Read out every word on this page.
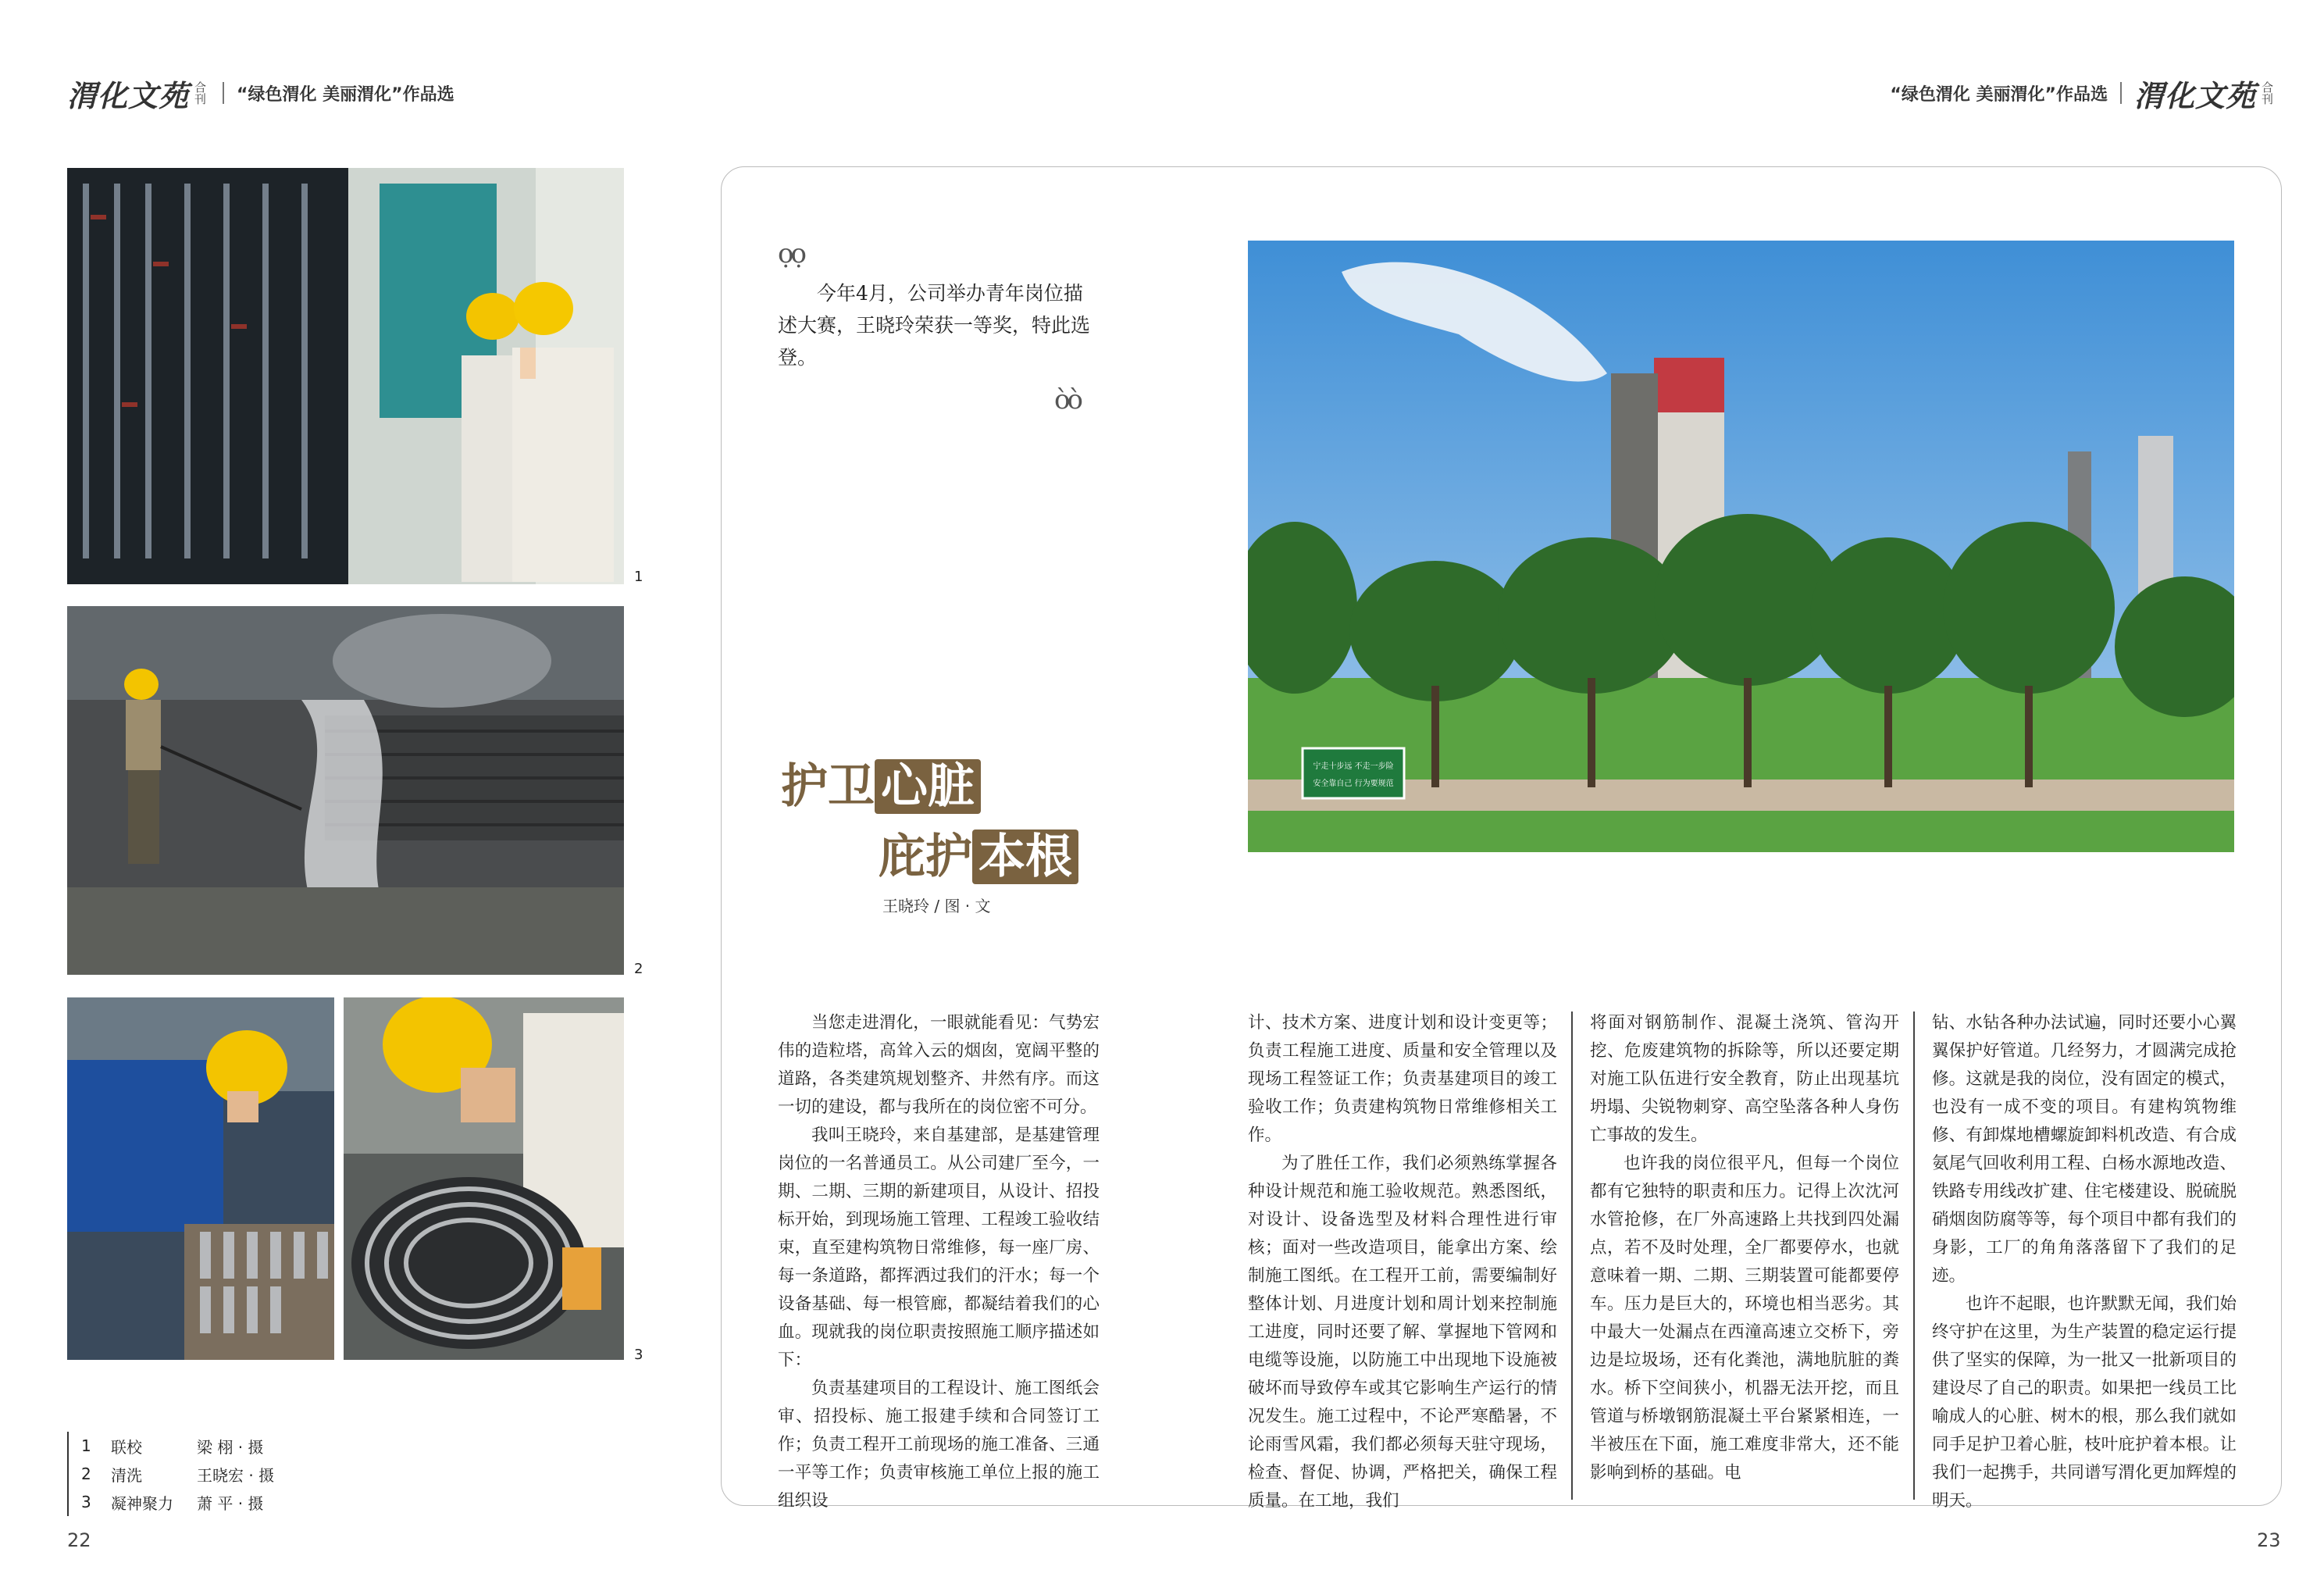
渭化文苑 合刊 “绿色渭化 美丽渭化”作品选	“绿色渭化 美丽渭化”作品选 渭化文苑 合刊
1
2
3
1	联校	梁 栩 · 摄
2	清洗	王晓宏 · 摄
3	凝神聚力	萧 平 · 摄
22	23
ọọ
今年4月，公司举办青年岗位描述大赛，王晓玲荣获一等奖，特此选登。
òò
护卫 心脏
庇护 本根
王晓玲 / 图 · 文
宁走十步远 不走一步险
安全靠自己 行为要规范

当您走进渭化，一眼就能看见：气势宏伟的造粒塔，高耸入云的烟囱，宽阔平整的道路，各类建筑规划整齐、井然有序。而这一切的建设，都与我所在的岗位密不可分。

我叫王晓玲，来自基建部，是基建管理岗位的一名普通员工。从公司建厂至今，一期、二期、三期的新建项目，从设计、招投标开始，到现场施工管理、工程竣工验收结束，直至建构筑物日常维修，每一座厂房、每一条道路，都挥洒过我们的汗水；每一个设备基础、每一根管廊，都凝结着我们的心血。现就我的岗位职责按照施工顺序描述如下：

负责基建项目的工程设计、施工图纸会审、招投标、施工报建手续和合同签订工作；负责工程开工前现场的施工准备、三通一平等工作；负责审核施工单位上报的施工组织设

计、技术方案、进度计划和设计变更等；负责工程施工进度、质量和安全管理以及现场工程签证工作；负责基建项目的竣工验收工作；负责建构筑物日常维修相关工作。

为了胜任工作，我们必须熟练掌握各种设计规范和施工验收规范。熟悉图纸，对设计、设备选型及材料合理性进行审核；面对一些改造项目，能拿出方案、绘制施工图纸。在工程开工前，需要编制好整体计划、月进度计划和周计划来控制施工进度，同时还要了解、掌握地下管网和电缆等设施，以防施工中出现地下设施被破坏而导致停车或其它影响生产运行的情况发生。施工过程中，不论严寒酷暑，不论雨雪风霜，我们都必须每天驻守现场，检查、督促、协调，严格把关，确保工程质量。在工地，我们

将面对钢筋制作、混凝土浇筑、管沟开挖、危废建筑物的拆除等，所以还要定期对施工队伍进行安全教育，防止出现基坑坍塌、尖锐物刺穿、高空坠落各种人身伤亡事故的发生。

也许我的岗位很平凡，但每一个岗位都有它独特的职责和压力。记得上次沈河水管抢修，在厂外高速路上共找到四处漏点，若不及时处理，全厂都要停水，也就意味着一期、二期、三期装置可能都要停车。压力是巨大的，环境也相当恶劣。其中最大一处漏点在西潼高速立交桥下，旁边是垃圾场，还有化粪池，满地肮脏的粪水。桥下空间狭小，机器无法开挖，而且管道与桥墩钢筋混凝土平台紧紧相连，一半被压在下面，施工难度非常大，还不能影响到桥的基础。电

钻、水钻各种办法试遍，同时还要小心翼翼保护好管道。几经努力，才圆满完成抢修。这就是我的岗位，没有固定的模式，也没有一成不变的项目。有建构筑物维修、有卸煤地槽螺旋卸料机改造、有合成氨尾气回收利用工程、白杨水源地改造、铁路专用线改扩建、住宅楼建设、脱硫脱硝烟囱防腐等等，每个项目中都有我们的身影，工厂的角角落落留下了我们的足迹。

也许不起眼，也许默默无闻，我们始终守护在这里，为生产装置的稳定运行提供了坚实的保障，为一批又一批新项目的建设尽了自己的职责。如果把一线员工比喻成人的心脏、树木的根，那么我们就如同手足护卫着心脏，枝叶庇护着本根。让我们一起携手，共同谱写渭化更加辉煌的明天。
